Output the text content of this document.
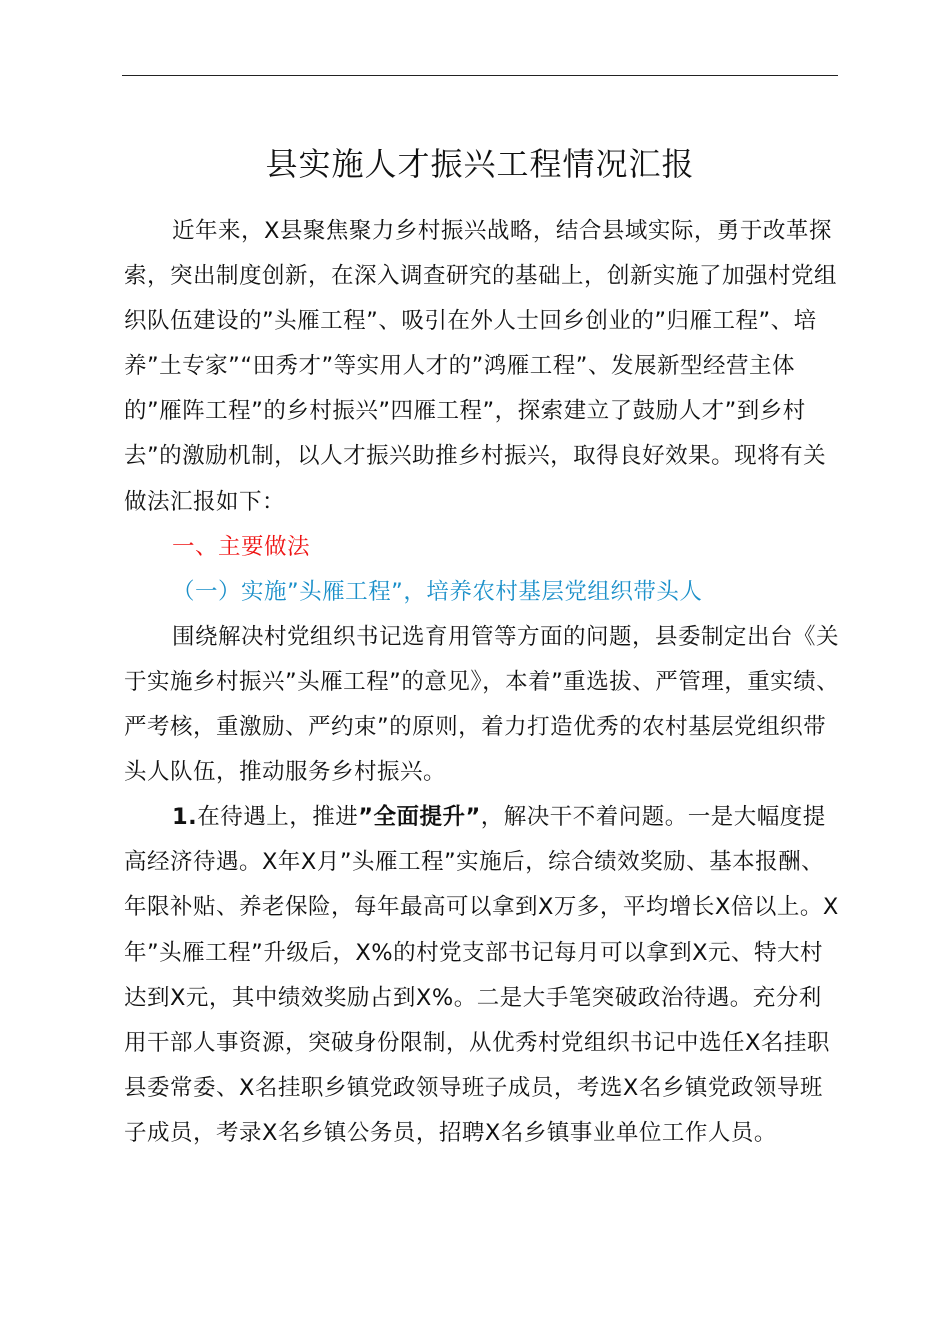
县实施人才振兴工程情况汇报

近年来，X县聚焦聚力乡村振兴战略，结合县域实际，勇于改革探索，突出制度创新，在深入调查研究的基础上，创新实施了加强村党组织队伍建设的”头雁工程”、吸引在外人士回乡创业的”归雁工程”、培养”土专家”“田秀才”等实用人才的”鸿雁工程”、发展新型经营主体的”雁阵工程”的乡村振兴”四雁工程”，探索建立了鼓励人才”到乡村去”的激励机制，以人才振兴助推乡村振兴，取得良好效果。现将有关做法汇报如下：

一、主要做法

（一）实施”头雁工程”，培养农村基层党组织带头人

围绕解决村党组织书记选育用管等方面的问题，县委制定出台《关于实施乡村振兴”头雁工程”的意见》，本着”重选拔、严管理，重实绩、严考核，重激励、严约束”的原则，着力打造优秀的农村基层党组织带头人队伍，推动服务乡村振兴。

1.在待遇上，推进”全面提升”，解决干不着问题。一是大幅度提高经济待遇。X年X月”头雁工程”实施后，综合绩效奖励、基本报酬、年限补贴、养老保险，每年最高可以拿到X万多，平均增长X倍以上。X年”头雁工程”升级后，X%的村党支部书记每月可以拿到X元、特大村达到X元，其中绩效奖励占到X%。二是大手笔突破政治待遇。充分利用干部人事资源，突破身份限制，从优秀村党组织书记中选任X名挂职县委常委、X名挂职乡镇党政领导班子成员，考选X名乡镇党政领导班子成员，考录X名乡镇公务员，招聘X名乡镇事业单位工作人员。
